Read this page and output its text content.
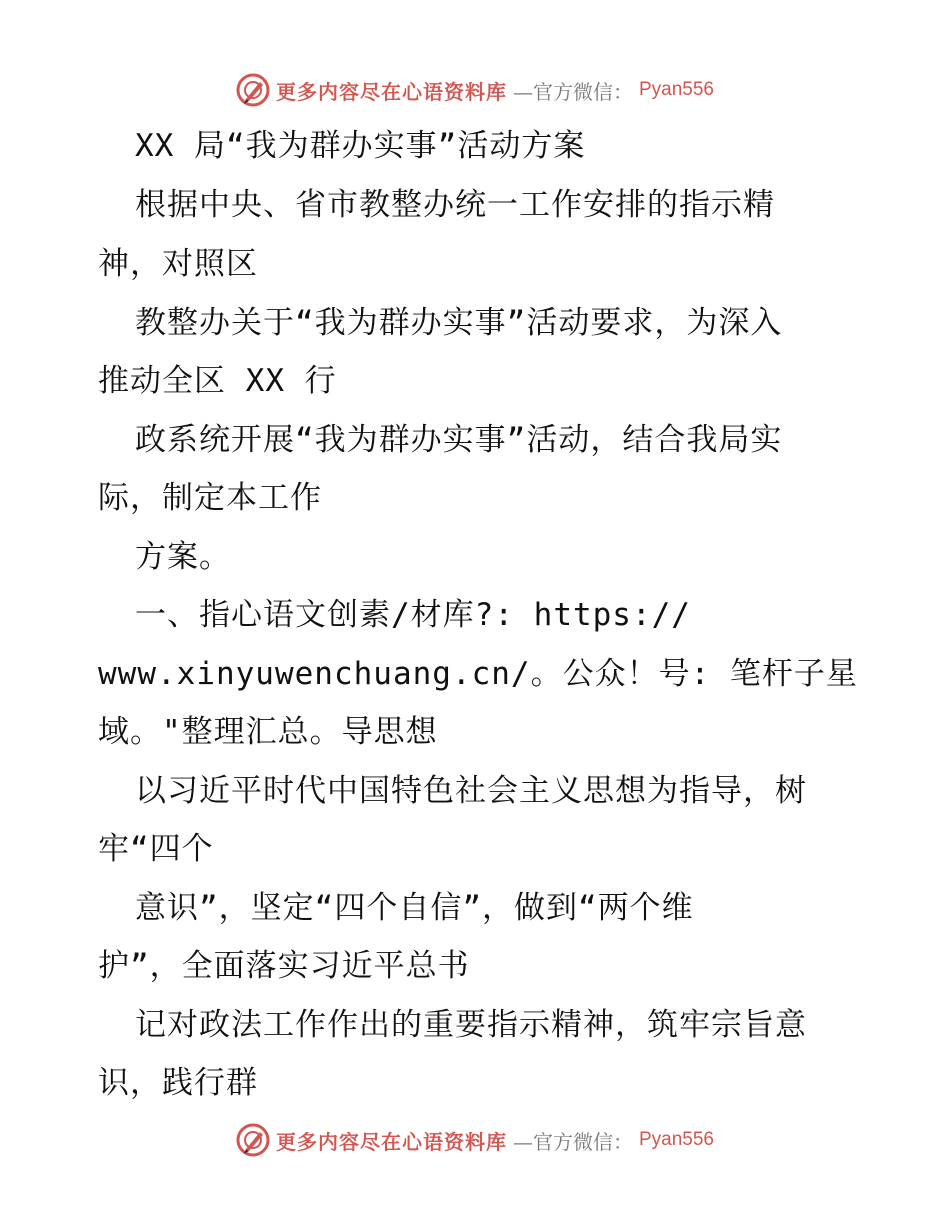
更多内容尽在心语资料库 —官方微信： Pyan556
XX 局“我为群办实事”活动方案
根据中央、省市教整办统一工作安排的指示精
神，对照区
教整办关于“我为群办实事”活动要求，为深入
推动全区 XX 行
政系统开展“我为群办实事”活动，结合我局实
际，制定本工作
方案。
一、指心语文创素/材库?: https://
www.xinyuwenchuang.cn/。公众！号: 笔杆子星
域。"整理汇总。导思想
以习近平时代中国特色社会主义思想为指导，树
牢“四个
意识”，坚定“四个自信”，做到“两个维
护”，全面落实习近平总书
记对政法工作作出的重要指示精神，筑牢宗旨意
识，践行群
更多内容尽在心语资料库 —官方微信： Pyan556
